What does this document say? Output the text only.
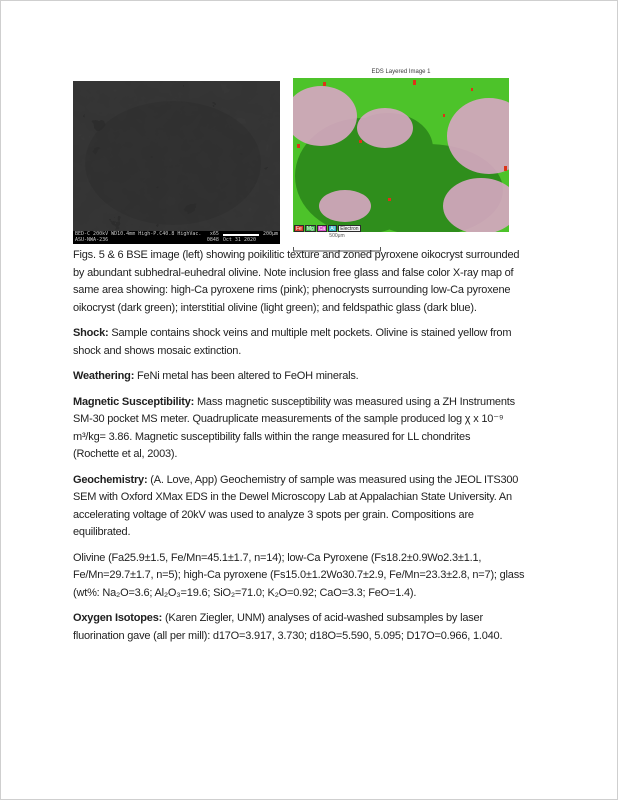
BED-C 200kV WD10.4mm High-P.C40.8 HighVac. x65	200μm
ASU-NWA-236	0848 Oct 31 2020
EDS Layered Image 1
Fe	Mg	Ca	Al	Electron
500μm
Figs. 5 & 6 BSE image (left) showing poikilitic texture and zoned pyroxene oikocryst surrounded
by abundant subhedral-euhedral olivine. Note inclusion free glass and false color X-ray map of
same area showing: high-Ca pyroxene rims (pink); phenocrysts surrounding low-Ca pyroxene
oikocryst (dark green); interstitial olivine (light green); and feldspathic glass (dark blue).
Shock: Sample contains shock veins and multiple melt pockets. Olivine is stained yellow from
shock and shows mosaic extinction.
Weathering: FeNi metal has been altered to FeOH minerals.
Magnetic Susceptibility: Mass magnetic susceptibility was measured using a ZH Instruments
SM-30 pocket MS meter. Quadruplicate measurements of the sample produced log χ x 10⁻⁹
m³/kg= 3.86. Magnetic susceptibility falls within the range measured for LL chondrites
(Rochette et al, 2003).
Geochemistry: (A. Love, App) Geochemistry of sample was measured using the JEOL ITS300
SEM with Oxford XMax EDS in the Dewel Microscopy Lab at Appalachian State University. An
accelerating voltage of 20kV was used to analyze 3 spots per grain. Compositions are
equilibrated.
Olivine (Fa25.9±1.5, Fe/Mn=45.1±1.7, n=14); low-Ca Pyroxene (Fs18.2±0.9Wo2.3±1.1,
Fe/Mn=29.7±1.7, n=5); high-Ca pyroxene (Fs15.0±1.2Wo30.7±2.9, Fe/Mn=23.3±2.8, n=7); glass
(wt%: Na₂O=3.6; Al₂O₃=19.6; SiO₂=71.0; K₂O=0.92; CaO=3.3; FeO=1.4).
Oxygen Isotopes: (Karen Ziegler, UNM) analyses of acid-washed subsamples by laser
fluorination gave (all per mill): d17O=3.917, 3.730; d18O=5.590, 5.095; D17O=0.966, 1.040.
